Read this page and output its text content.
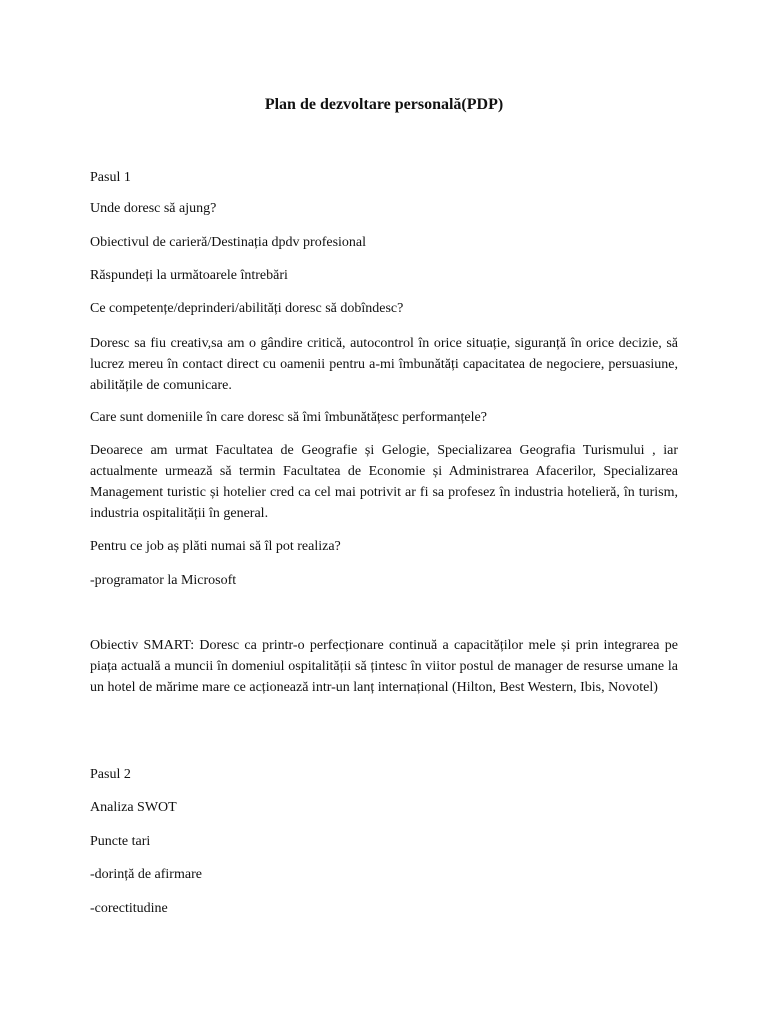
Plan de dezvoltare personală(PDP)
Pasul 1
Unde doresc să ajung?
Obiectivul de carieră/Destinația dpdv profesional
Răspundeți la următoarele întrebări
Ce competențe/deprinderi/abilități doresc să dobîndesc?
Doresc sa fiu creativ,sa am o gândire critică, autocontrol în orice situație, siguranță în orice decizie, să lucrez mereu în contact direct cu oamenii pentru a-mi îmbunătăți capacitatea de negociere, persuasiune, abilitățile de comunicare.
Care sunt domeniile în care doresc să îmi îmbunătățesc performanțele?
Deoarece am urmat Facultatea de Geografie și Gelogie, Specializarea Geografia Turismului , iar actualmente urmează să termin Facultatea de Economie și Administrarea Afacerilor, Specializarea Management turistic și hotelier cred ca cel mai potrivit ar fi sa profesez în industria hotelieră, în turism, industria ospitalității în general.
Pentru ce job aș plăti numai să îl pot realiza?
-programator la Microsoft
Obiectiv SMART: Doresc ca printr-o perfecționare continuă a capacităților mele și prin integrarea pe piața actuală a muncii în domeniul ospitalității să țintesc în viitor postul de manager de resurse umane la un hotel de mărime mare ce acționează intr-un lanț internațional (Hilton, Best Western, Ibis, Novotel)
Pasul 2
Analiza SWOT
Puncte tari
-dorință de afirmare
-corectitudine
